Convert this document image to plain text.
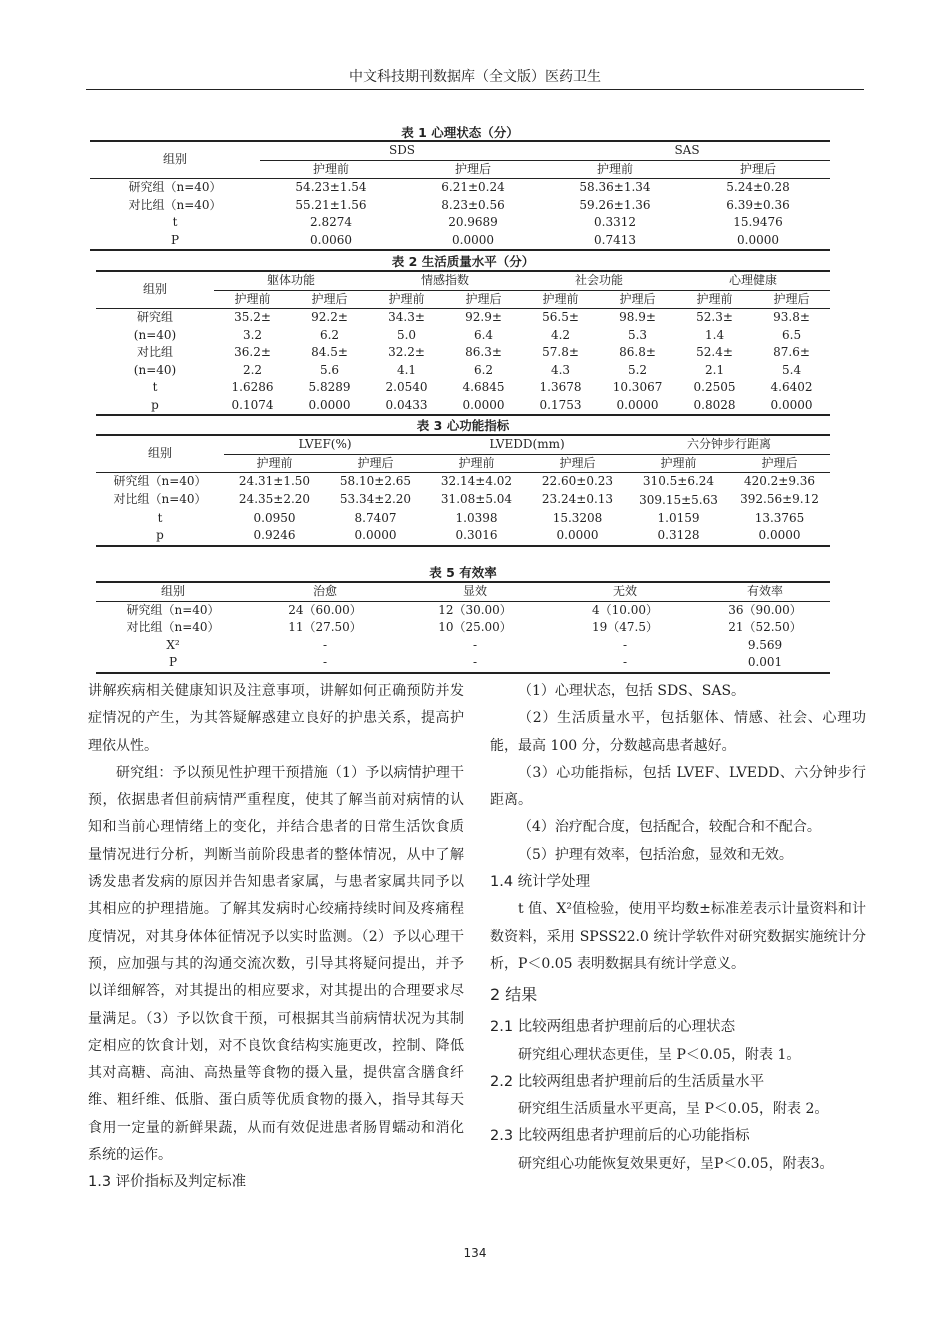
中文科技期刊数据库（全文版）医药卫生
表 1 心理状态（分）
组别	SDS		SAS	
	护理前	护理后	护理前	护理后
研究组（n=40）	54.23±1.54	6.21±0.24	58.36±1.34	5.24±0.28
对比组（n=40）	55.21±1.56	8.23±0.56	59.26±1.36	6.39±0.36
t	2.8274	20.9689	0.3312	15.9476
P	0.0060	0.0000	0.7413	0.0000
表 2 生活质量水平（分）
组别	躯体功能		情感指数		社会功能		心理健康	
	护理前	护理后	护理前	护理后	护理前	护理后	护理前	护理后
研究组	35.2±	92.2±	34.3±	92.9±	56.5±	98.9±	52.3±	93.8±
(n=40)	3.2	6.2	5.0	6.4	4.2	5.3	1.4	6.5
对比组	36.2±	84.5±	32.2±	86.3±	57.8±	86.8±	52.4±	87.6±
(n=40)	2.2	5.6	4.1	6.2	4.3	5.2	2.1	5.4
t	1.6286	5.8289	2.0540	4.6845	1.3678	10.3067	0.2505	4.6402
p	0.1074	0.0000	0.0433	0.0000	0.1753	0.0000	0.8028	0.0000
表 3 心功能指标
组别	LVEF(%)		LVEDD(mm)		六分钟步行距离	
	护理前	护理后	护理前	护理后	护理前	护理后
研究组（n=40）	24.31±1.50	58.10±2.65	32.14±4.02	22.60±0.23	310.5±6.24	420.2±9.36
对比组（n=40）	24.35±2.20	53.34±2.20	31.08±5.04	23.24±0.13	309.15±5.63	392.56±9.12
t	0.0950	8.7407	1.0398	15.3208	1.0159	13.3765
p	0.9246	0.0000	0.3016	0.0000	0.3128	0.0000
表 5 有效率
组别	治愈	显效	无效	有效率
研究组（n=40）	24（60.00）	12（30.00）	4（10.00）	36（90.00）
对比组（n=40）	11（27.50）	10（25.00）	19（47.5）	21（52.50）
X²	-	-	-	9.569
P	-	-	-	0.001

讲解疾病相关健康知识及注意事项，讲解如何正确预防并发症情况的产生，为其答疑解惑建立良好的护患关系，提高护理依从性。

研究组：予以预见性护理干预措施（1）予以病情护理干预，依据患者但前病情严重程度，使其了解当前对病情的认知和当前心理情绪上的变化，并结合患者的日常生活饮食质量情况进行分析，判断当前阶段患者的整体情况，从中了解诱发患者发病的原因并告知患者家属，与患者家属共同予以其相应的护理措施。了解其发病时心绞痛持续时间及疼痛程度情况，对其身体体征情况予以实时监测。（2）予以心理干预，应加强与其的沟通交流次数，引导其将疑问提出，并予以详细解答，对其提出的相应要求，对其提出的合理要求尽量满足。（3）予以饮食干预，可根据其当前病情状况为其制定相应的饮食计划，对不良饮食结构实施更改，控制、降低其对高糖、高油、高热量等食物的摄入量，提供富含膳食纤维、粗纤维、低脂、蛋白质等优质食物的摄入，指导其每天食用一定量的新鲜果蔬，从而有效促进患者肠胃蠕动和消化系统的运作。

1.3 评价指标及判定标准

（1）心理状态，包括 SDS、SAS。

（2）生活质量水平，包括躯体、情感、社会、心理功能，最高 100 分，分数越高患者越好。

（3）心功能指标，包括 LVEF、LVEDD、六分钟步行距离。

（4）治疗配合度，包括配合，较配合和不配合。

（5）护理有效率，包括治愈，显效和无效。

1.4 统计学处理

t 值、X²值检验，使用平均数±标准差表示计量资料和计数资料，采用 SPSS22.0 统计学软件对研究数据实施统计分析，P＜0.05 表明数据具有统计学意义。

2 结果
2.1 比较两组患者护理前后的心理状态

研究组心理状态更佳，呈 P＜0.05，附表 1。

2.2 比较两组患者护理前后的生活质量水平

研究组生活质量水平更高，呈 P＜0.05，附表 2。

2.3 比较两组患者护理前后的心功能指标

研究组心功能恢复效果更好，呈P＜0.05，附表3。

134
